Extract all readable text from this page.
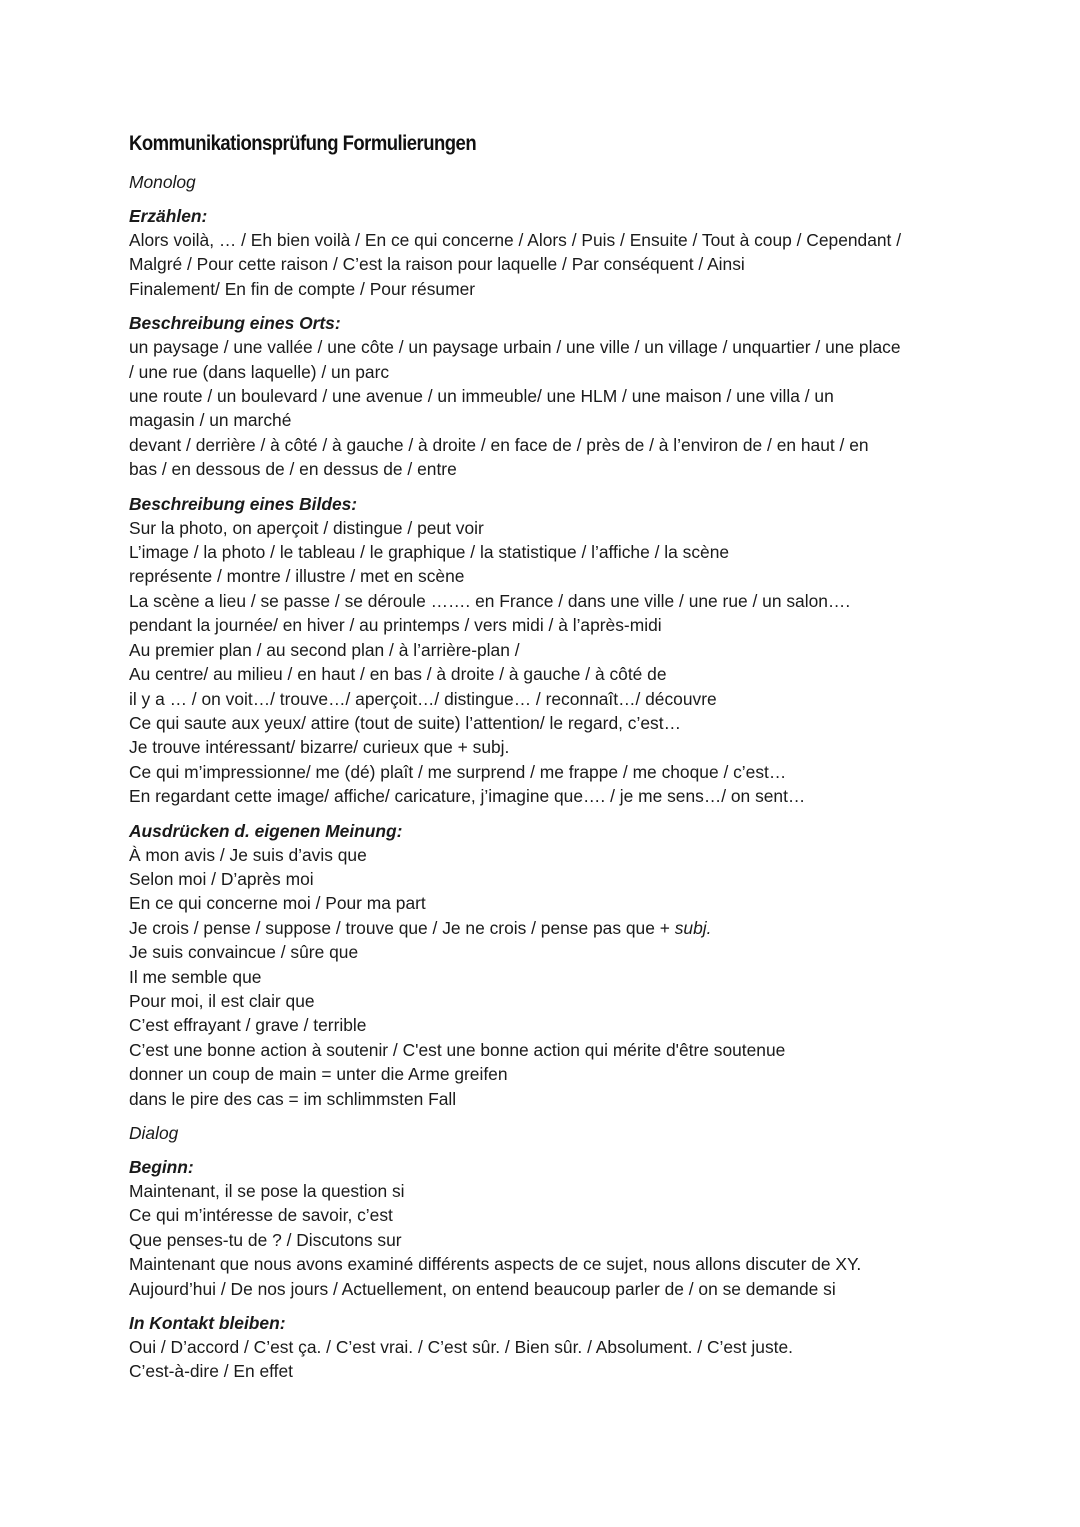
Kommunikationsprüfung Formulierungen
Monolog
Erzählen:
Alors voilà, … / Eh bien voilà / En ce qui concerne / Alors / Puis / Ensuite / Tout à coup / Cependant /
Malgré / Pour cette raison / C’est la raison pour laquelle / Par conséquent / Ainsi
Finalement/ En fin de compte / Pour résumer
Beschreibung eines Orts:
un paysage / une vallée / une côte / un paysage urbain / une ville / un village / unquartier / une place
/ une rue (dans laquelle) / un parc
une route / un boulevard / une avenue / un immeuble/ une HLM / une maison / une villa / un
magasin / un marché
devant / derrière / à côté / à gauche / à droite / en face de / près de / à l’environ de / en haut / en
bas / en dessous de / en dessus de / entre
Beschreibung eines Bildes:
Sur la photo, on aperçoit / distingue / peut voir
L’image / la photo / le tableau / le graphique / la statistique / l’affiche / la scène
représente / montre / illustre / met en scène
La scène a lieu / se passe / se déroule ……. en France / dans une ville / une rue / un salon….
pendant la journée/ en hiver / au printemps / vers midi / à l’après-midi
Au premier plan / au second plan / à l’arrière-plan /
Au centre/ au milieu / en haut / en bas / à droite / à gauche / à côté de
il y a … / on voit…/ trouve…/ aperçoit…/ distingue… / reconnaît…/ découvre
Ce qui saute aux yeux/ attire (tout de suite) l’attention/ le regard, c’est…
Je trouve intéressant/ bizarre/ curieux que + subj.
Ce qui m’impressionne/ me (dé) plaît / me surprend / me frappe / me choque / c’est…
En regardant cette image/ affiche/ caricature, j’imagine que…. / je me sens…/ on sent…
Ausdrücken d. eigenen Meinung:
À mon avis / Je suis d’avis que
Selon moi / D’après moi
En ce qui concerne moi / Pour ma part
Je crois / pense / suppose / trouve que / Je ne crois / pense pas que + subj.
Je suis convaincue / sûre que
Il me semble que
Pour moi, il est clair que
C’est effrayant / grave / terrible
C’est une bonne action à soutenir / C'est une bonne action qui mérite d'être soutenue
donner un coup de main = unter die Arme greifen
dans le pire des cas = im schlimmsten Fall
Dialog
Beginn:
Maintenant, il se pose la question si
Ce qui m’intéresse de savoir, c’est
Que penses-tu de ? / Discutons sur
Maintenant que nous avons examiné différents aspects de ce sujet, nous allons discuter de XY.
Aujourd’hui / De nos jours / Actuellement, on entend beaucoup parler de / on se demande si
In Kontakt bleiben:
Oui / D’accord / C’est ça. / C’est vrai. / C’est sûr. / Bien sûr. / Absolument. / C’est juste.
C’est-à-dire / En effet
